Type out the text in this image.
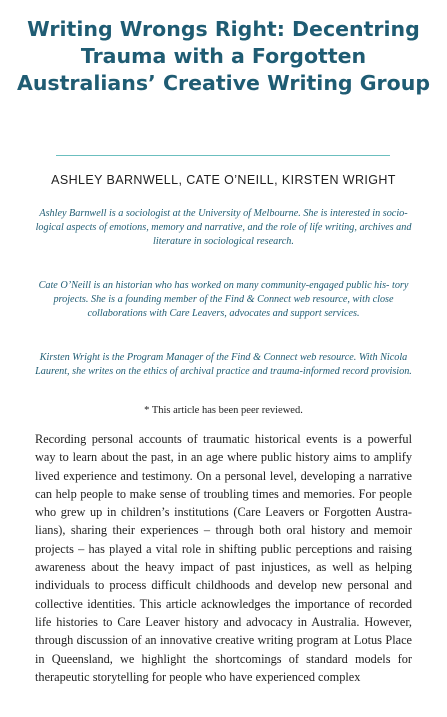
Writing Wrongs Right: Decentring Trauma with a Forgotten Australians’ Creative Writing Group

ASHLEY BARNWELL, CATE O’NEILL, KIRSTEN WRIGHT

Ashley Barnwell is a sociologist at the University of Melbourne. She is interested in socio- logical aspects of emotions, memory and narrative, and the role of life writing, archives and literature in sociological research.

Cate O’Neill is an historian who has worked on many community-engaged public his- tory projects. She is a founding member of the Find & Connect web resource, with close collaborations with Care Leavers, advocates and support services.

Kirsten Wright is the Program Manager of the Find & Connect web resource. With Nicola Laurent, she writes on the ethics of archival practice and trauma-informed record provision.

* This article has been peer reviewed.

Recording personal accounts of traumatic historical events is a powerful way to learn about the past, in an age where public history aims to amplify lived experience and testimony. On a personal level, developing a narrative can help people to make sense of troubling times and memories. For people who grew up in children’s institutions (Care Leavers or Forgotten Austra- lians), sharing their experiences – through both oral history and memoir projects – has played a vital role in shifting public perceptions and raising awareness about the heavy impact of past injustices, as well as helping individuals to process difficult childhoods and develop new personal and collective identities. This article acknowledges the importance of recorded life histories to Care Leaver history and advocacy in Australia. However, through discussion of an innovative creative writing program at Lotus Place in Queensland, we highlight the shortcomings of standard models for therapeutic storytelling for people who have experienced complex
